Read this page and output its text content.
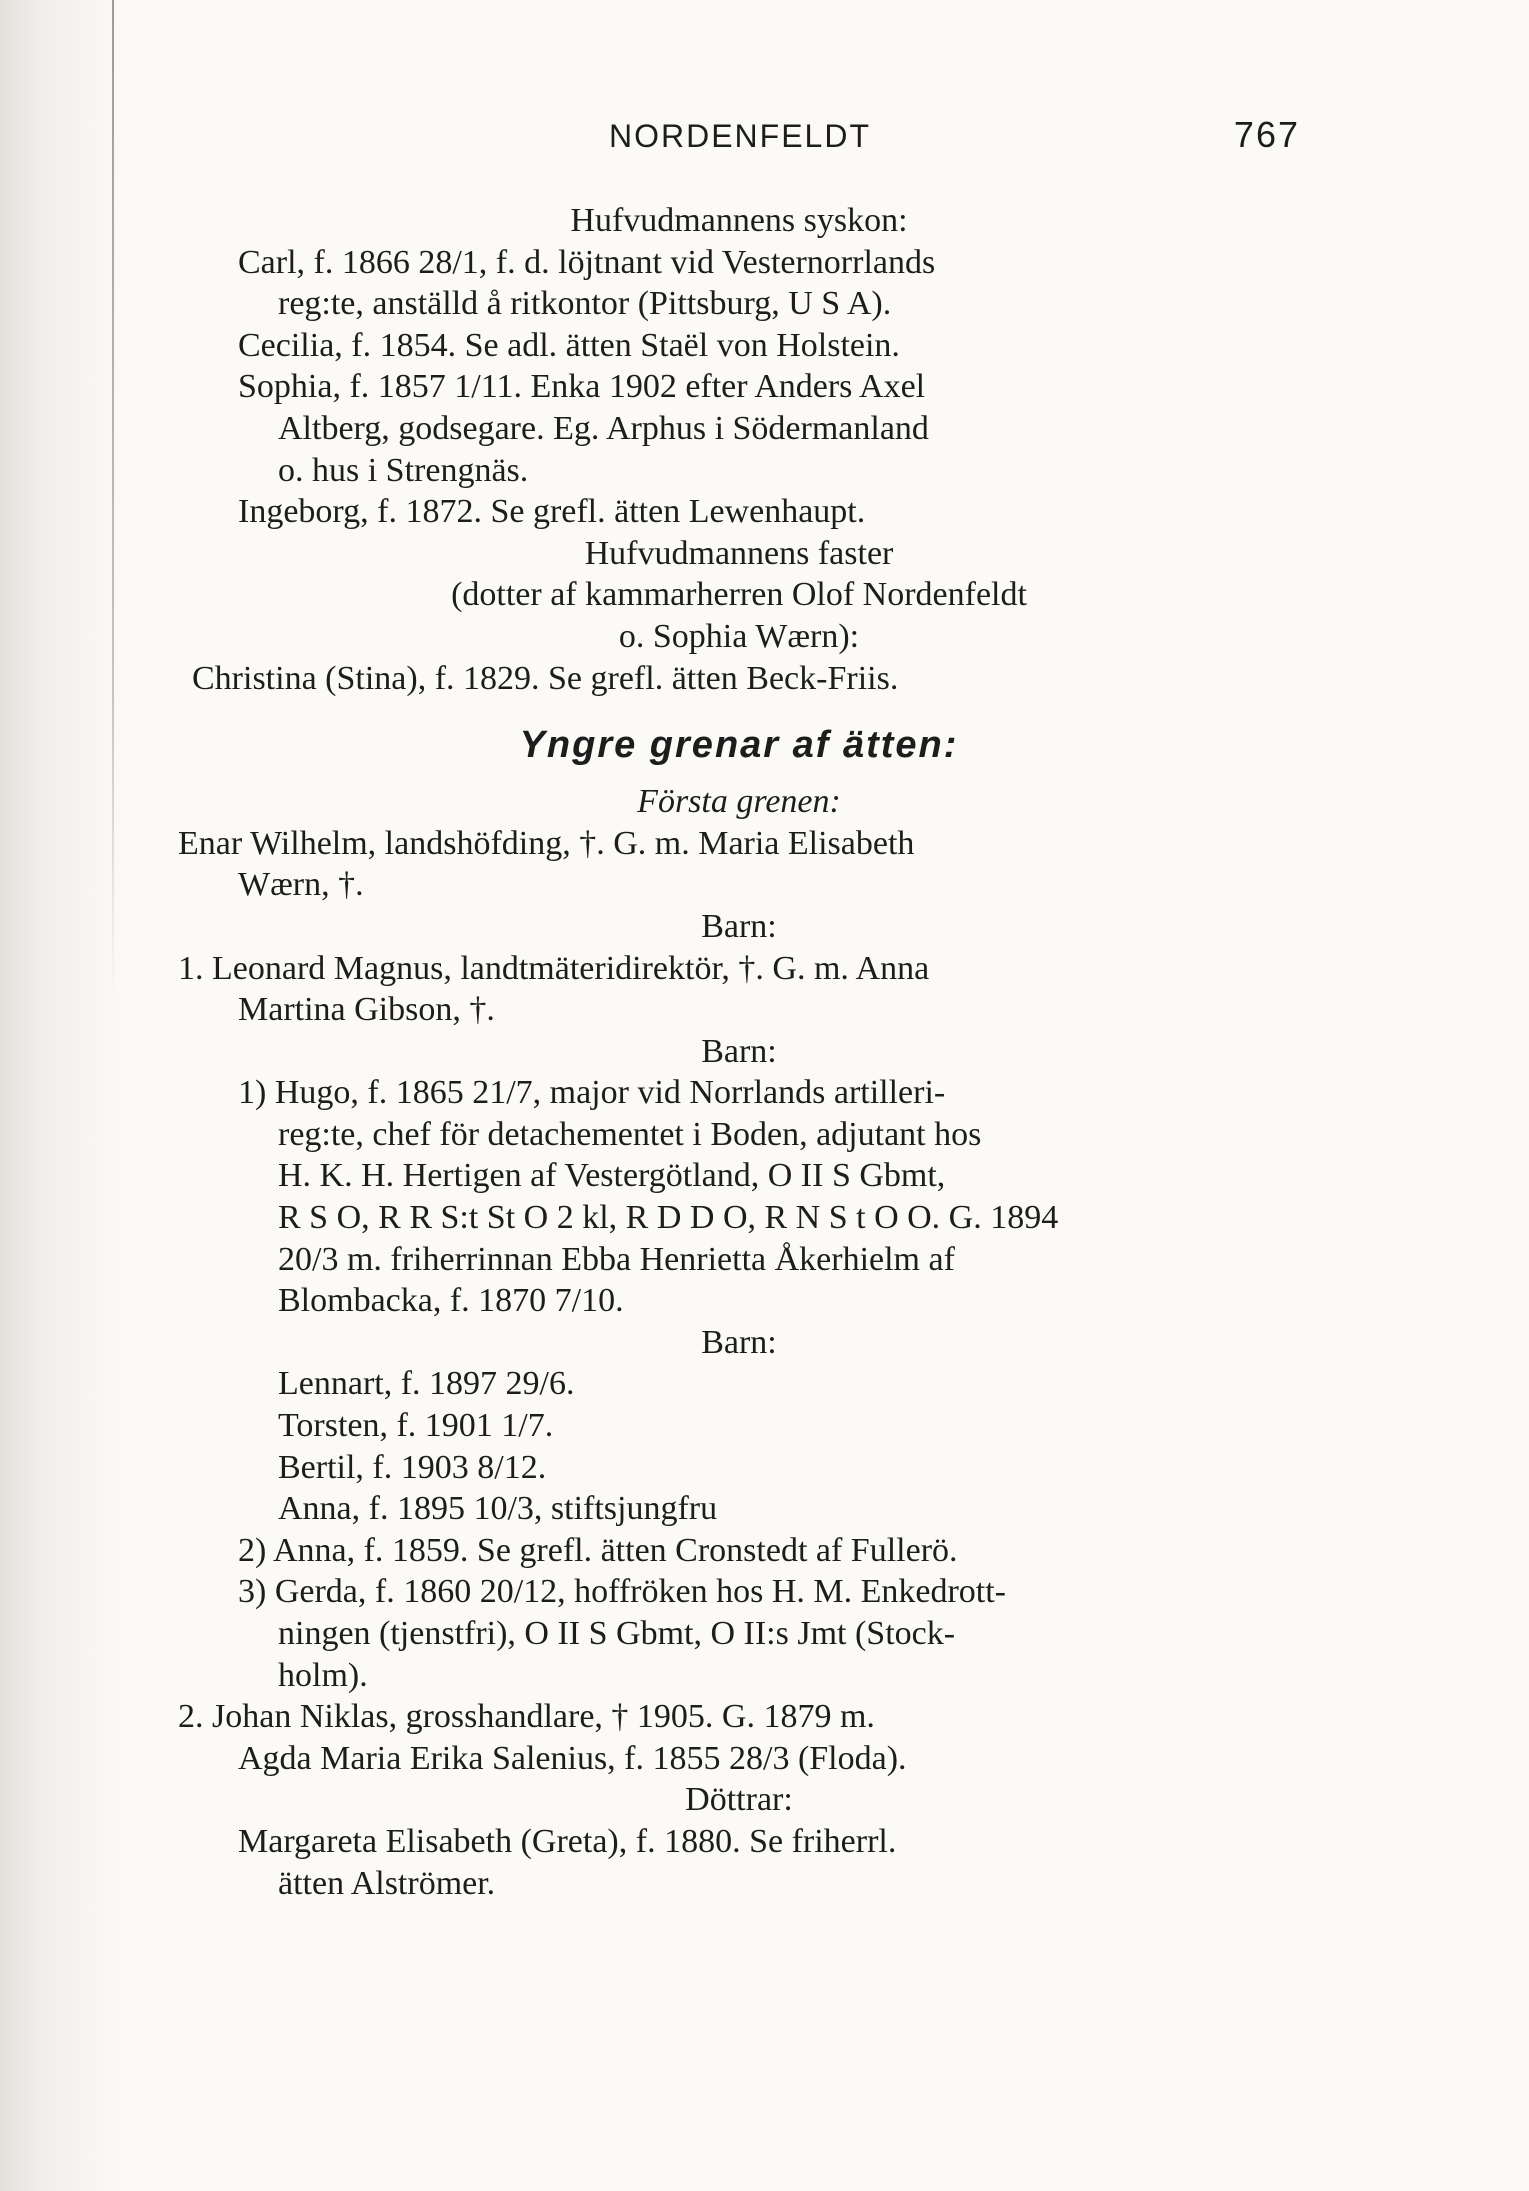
NORDENFELDT	767
Hufvudmannens syskon:
Carl, f. 1866 28/1, f. d. löjtnant vid Vesternorrlands
reg:te, anställd å ritkontor (Pittsburg, U S A).
Cecilia, f. 1854. Se adl. ätten Staël von Holstein.
Sophia, f. 1857 1/11. Enka 1902 efter Anders Axel
Altberg, godsegare. Eg. Arphus i Södermanland
o. hus i Strengnäs.
Ingeborg, f. 1872. Se grefl. ätten Lewenhaupt.
Hufvudmannens faster
(dotter af kammarherren Olof Nordenfeldt
o. Sophia Wærn):
Christina (Stina), f. 1829. Se grefl. ätten Beck-Friis.
Yngre grenar af ätten:
Första grenen:
Enar Wilhelm, landshöfding, †. G. m. Maria Elisabeth
Wærn, †.
Barn:
1. Leonard Magnus, landtmäteridirektör, †. G. m. Anna
Martina Gibson, †.
Barn:
1) Hugo, f. 1865 21/7, major vid Norrlands artilleri-
reg:te, chef för detachementet i Boden, adjutant hos
H. K. H. Hertigen af Vestergötland, O II S Gbmt,
R S O, R R S:t St O 2 kl, R D D O, R N S t O O. G. 1894
20/3 m. friherrinnan Ebba Henrietta Åkerhielm af
Blombacka, f. 1870 7/10.
Barn:
Lennart, f. 1897 29/6.
Torsten, f. 1901 1/7.
Bertil, f. 1903 8/12.
Anna, f. 1895 10/3, stiftsjungfru
2) Anna, f. 1859. Se grefl. ätten Cronstedt af Fullerö.
3) Gerda, f. 1860 20/12, hoffröken hos H. M. Enkedrott-
ningen (tjenstfri), O II S Gbmt, O II:s Jmt (Stock-
holm).
2. Johan Niklas, grosshandlare, † 1905. G. 1879 m.
Agda Maria Erika Salenius, f. 1855 28/3 (Floda).
Döttrar:
Margareta Elisabeth (Greta), f. 1880. Se friherrl.
ätten Alströmer.
